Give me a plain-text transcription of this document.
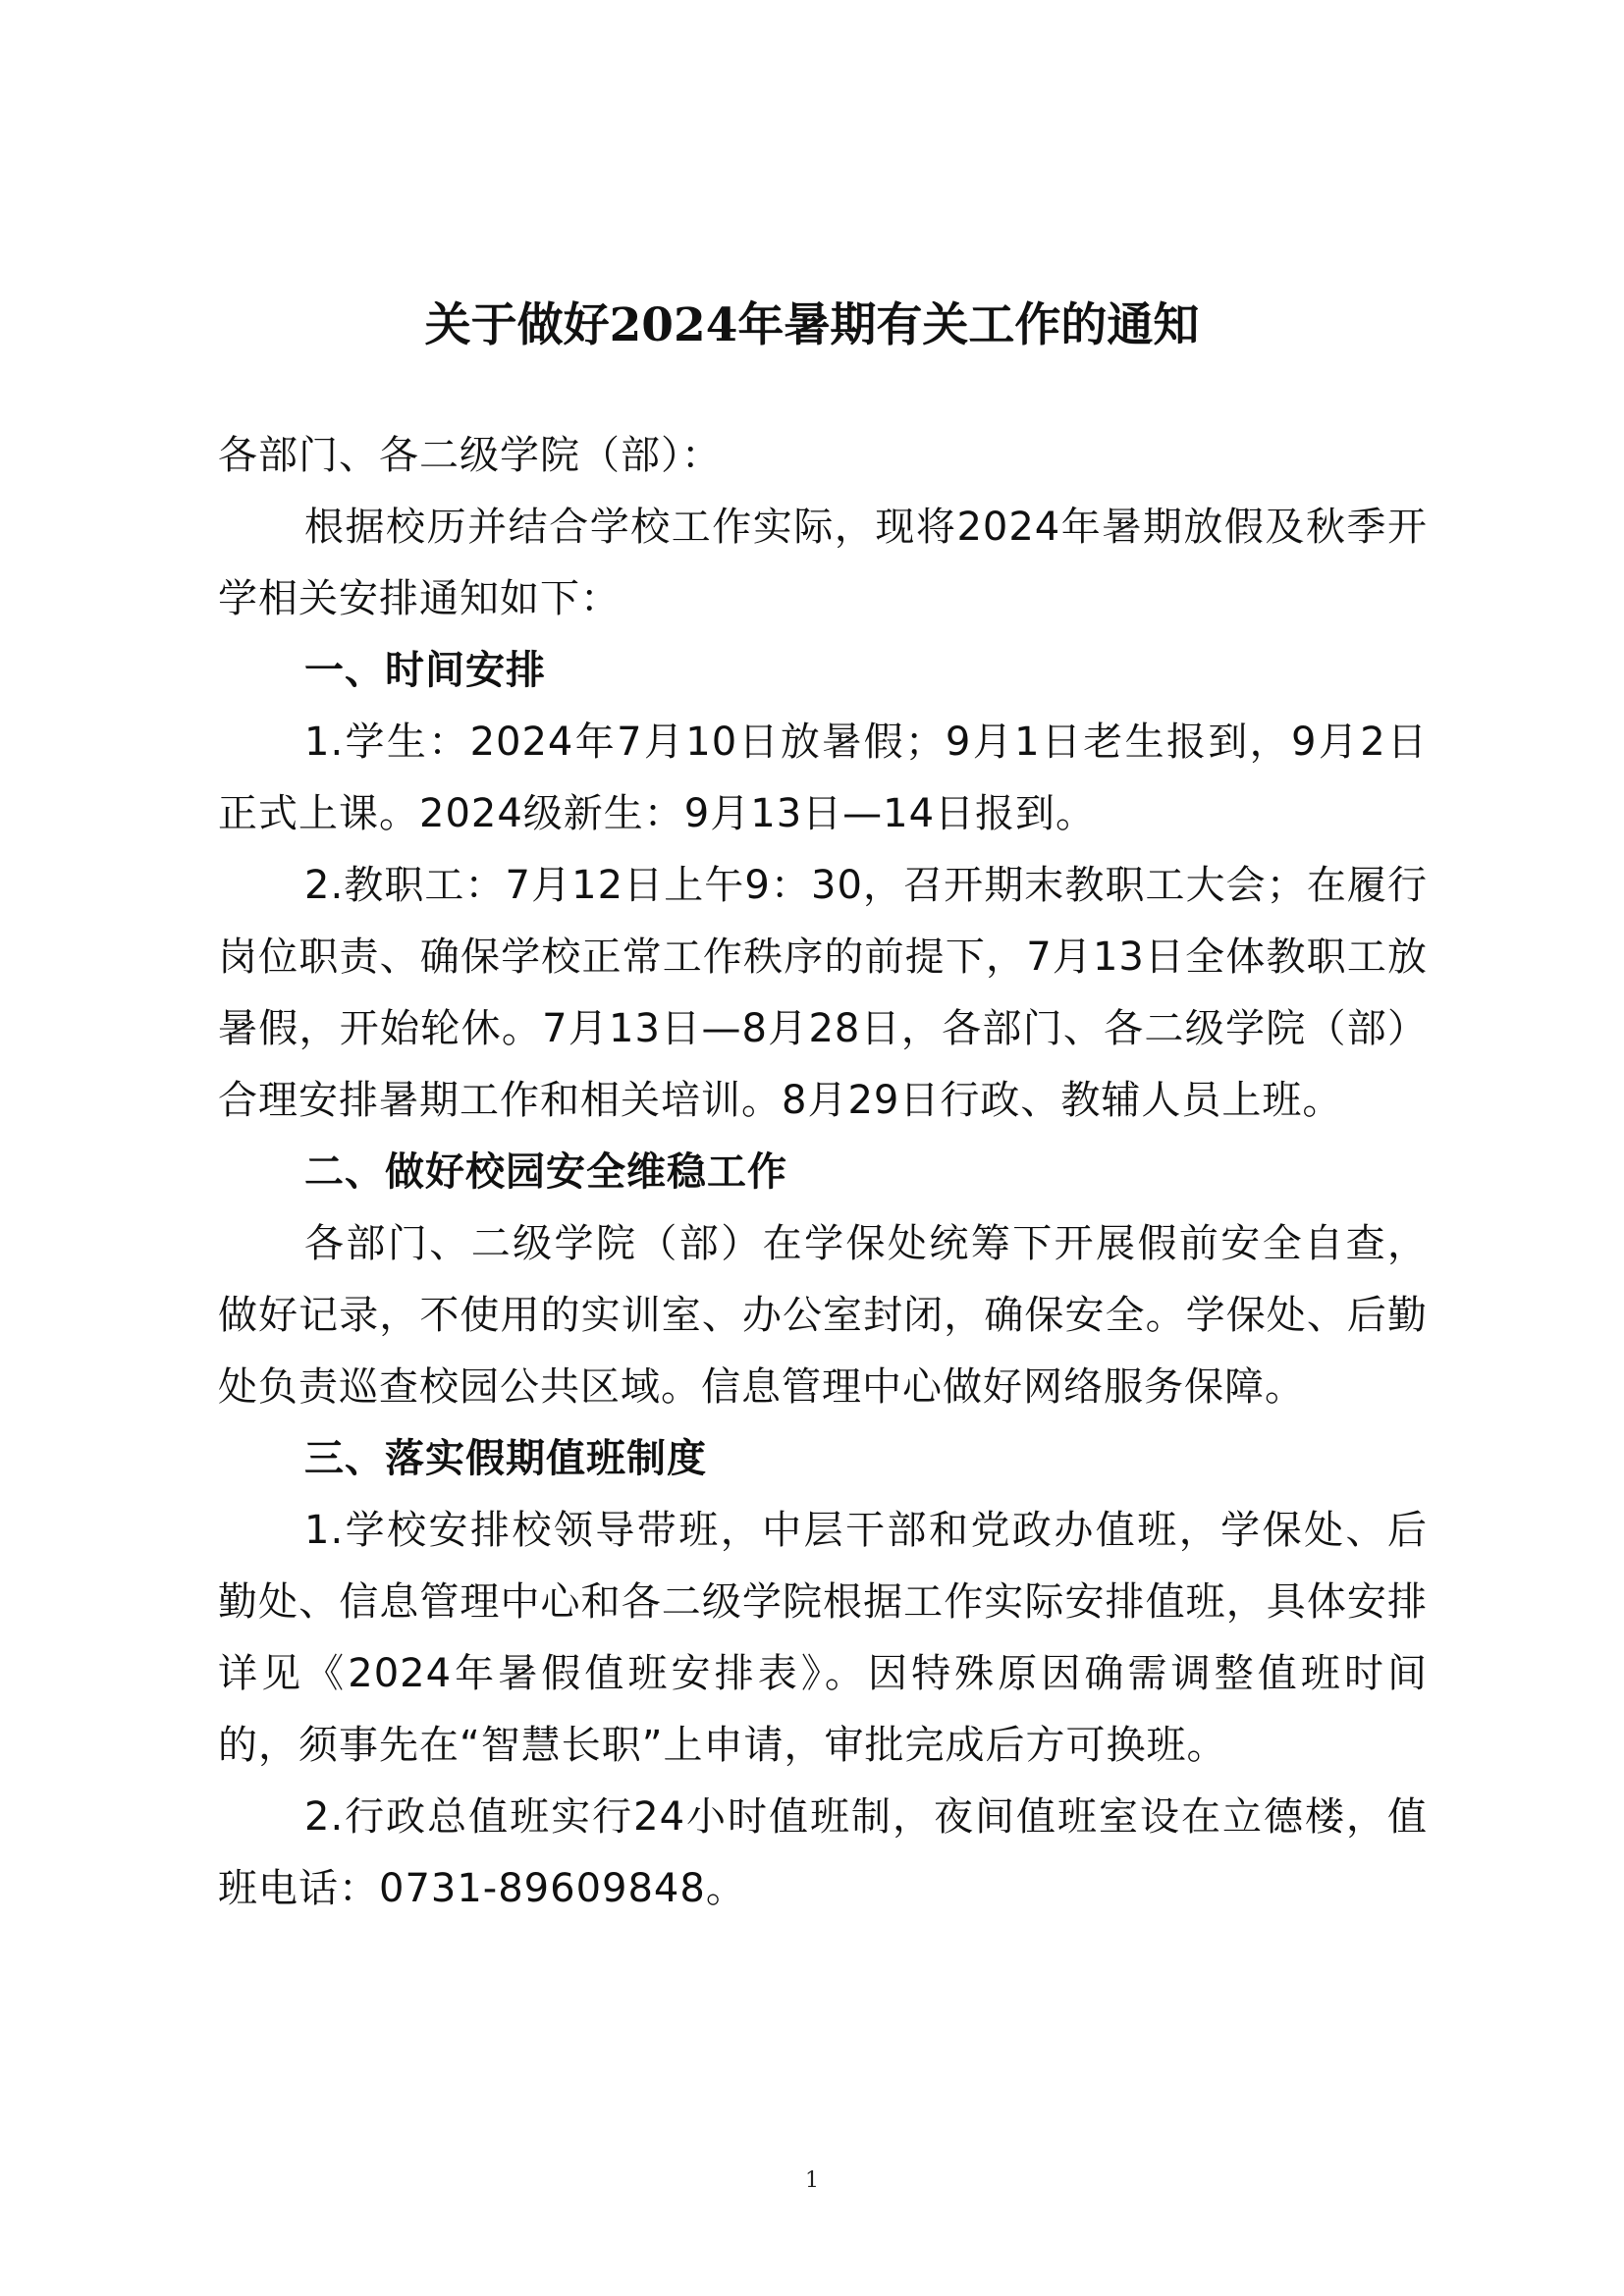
关于做好2024年暑期有关工作的通知

各部门、各二级学院（部）：

根据校历并结合学校工作实际，现将2024年暑期放假及秋季开学相关安排通知如下：

一、时间安排

1.学生：2024年7月10日放暑假；9月1日老生报到，9月2日正式上课。2024级新生：9月13日—14日报到。

2.教职工：7月12日上午9：30，召开期末教职工大会；在履行岗位职责、确保学校正常工作秩序的前提下，7月13日全体教职工放暑假，开始轮休。7月13日—8月28日，各部门、各二级学院（部）合理安排暑期工作和相关培训。8月29日行政、教辅人员上班。

二、做好校园安全维稳工作

各部门、二级学院（部）在学保处统筹下开展假前安全自查，做好记录，不使用的实训室、办公室封闭，确保安全。学保处、后勤处负责巡查校园公共区域。信息管理中心做好网络服务保障。

三、落实假期值班制度

1.学校安排校领导带班，中层干部和党政办值班，学保处、后勤处、信息管理中心和各二级学院根据工作实际安排值班，具体安排详见《2024年暑假值班安排表》。因特殊原因确需调整值班时间的，须事先在“智慧长职”上申请，审批完成后方可换班。

2.行政总值班实行24小时值班制，夜间值班室设在立德楼，值班电话：0731-89609848。

1
